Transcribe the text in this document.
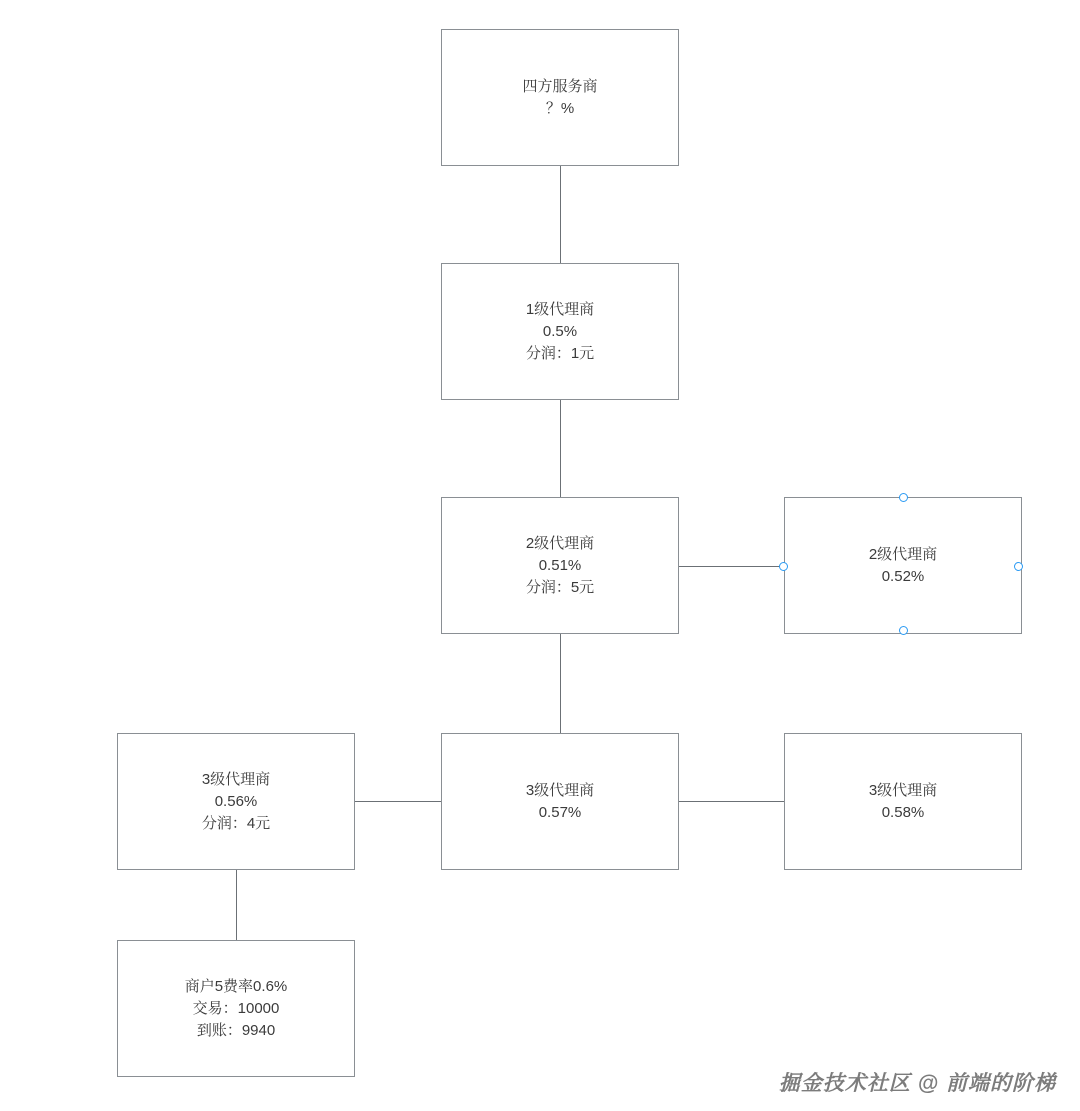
四方服务商
？%
1级代理商
0.5%
分润：1元
2级代理商
0.51%
分润：5元
2级代理商
0.52%
3级代理商
0.56%
分润：4元
3级代理商
0.57%
3级代理商
0.58%
商户5费率0.6%
交易：10000
到账：9940
掘金技术社区 @ 前端的阶梯
